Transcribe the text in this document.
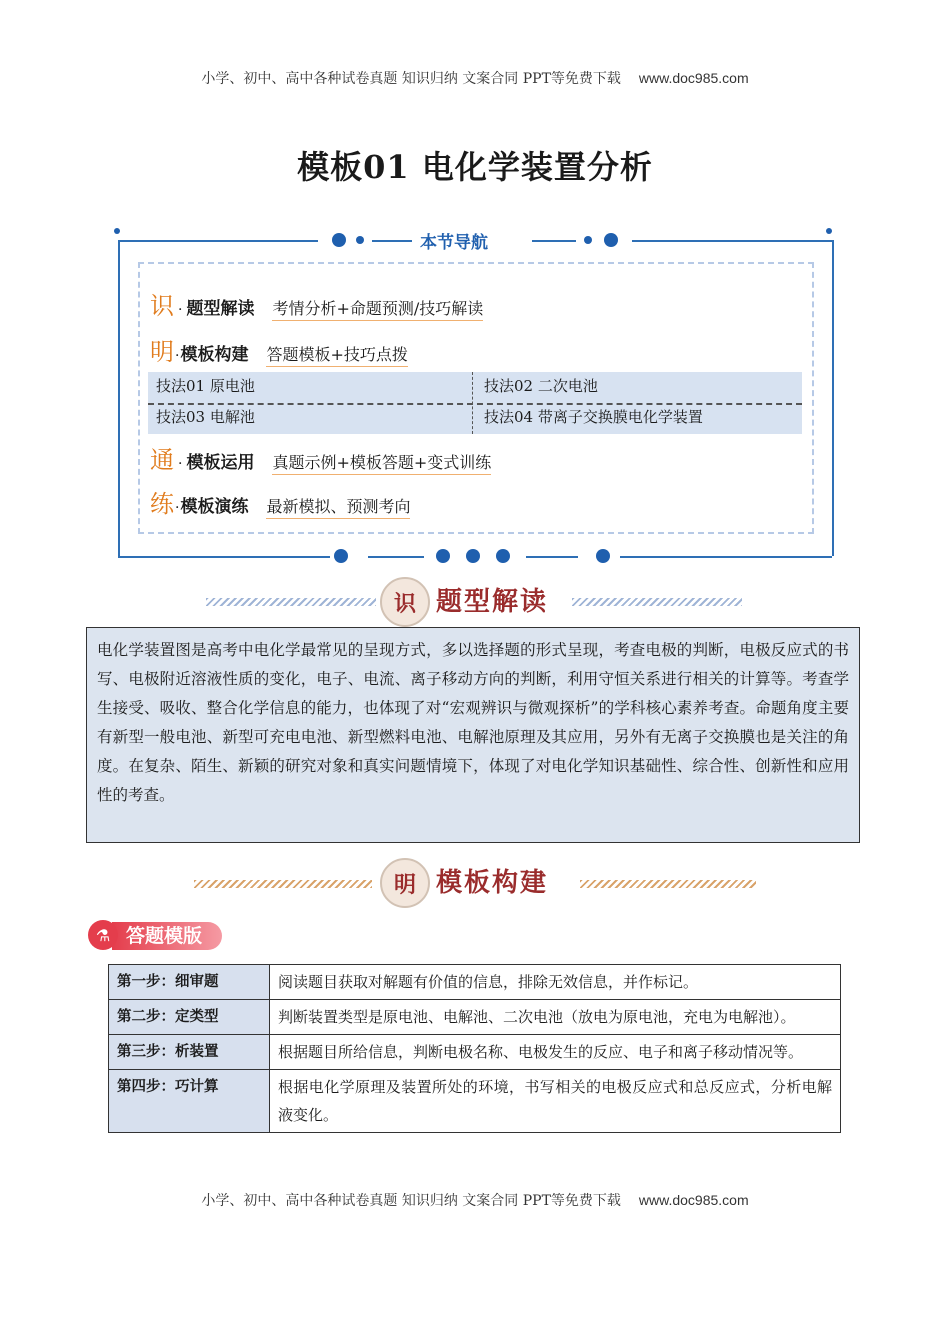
小学、初中、高中各种试卷真题 知识归纳 文案合同 PPT等免费下载 www.doc985.com
模板01 电化学装置分析
本节导航
识 · 题型解读 考情分析+命题预测/技巧解读
明 · 模板构建 答题模板+技巧点拨
技法01 原电池	技法02 二次电池
技法03 电解池	技法04 带离子交换膜电化学装置
通 · 模板运用 真题示例+模板答题+变式训练
练 · 模板演练 最新模拟、预测考向
识 题型解读
电化学装置图是高考中电化学最常见的呈现方式，多以选择题的形式呈现，考查电极的判断，电极反应式的书写、电极附近溶液性质的变化，电子、电流、离子移动方向的判断，利用守恒关系进行相关的计算等。考查学生接受、吸收、整合化学信息的能力，也体现了对“宏观辨识与微观探析”的学科核心素养考查。命题角度主要有新型一般电池、新型可充电电池、新型燃料电池、电解池原理及其应用，另外有无离子交换膜也是关注的角度。在复杂、陌生、新颖的研究对象和真实问题情境下，体现了对电化学知识基础性、综合性、创新性和应用性的考查。
明 模板构建
答题模版
⚗
第一步：细审题	阅读题目获取对解题有价值的信息，排除无效信息，并作标记。
第二步：定类型	判断装置类型是原电池、电解池、二次电池（放电为原电池，充电为电解池）。
第三步：析装置	根据题目所给信息，判断电极名称、电极发生的反应、电子和离子移动情况等。
第四步：巧计算	根据电化学原理及装置所处的环境，书写相关的电极反应式和总反应式，分析电解液变化。
小学、初中、高中各种试卷真题 知识归纳 文案合同 PPT等免费下载 www.doc985.com
